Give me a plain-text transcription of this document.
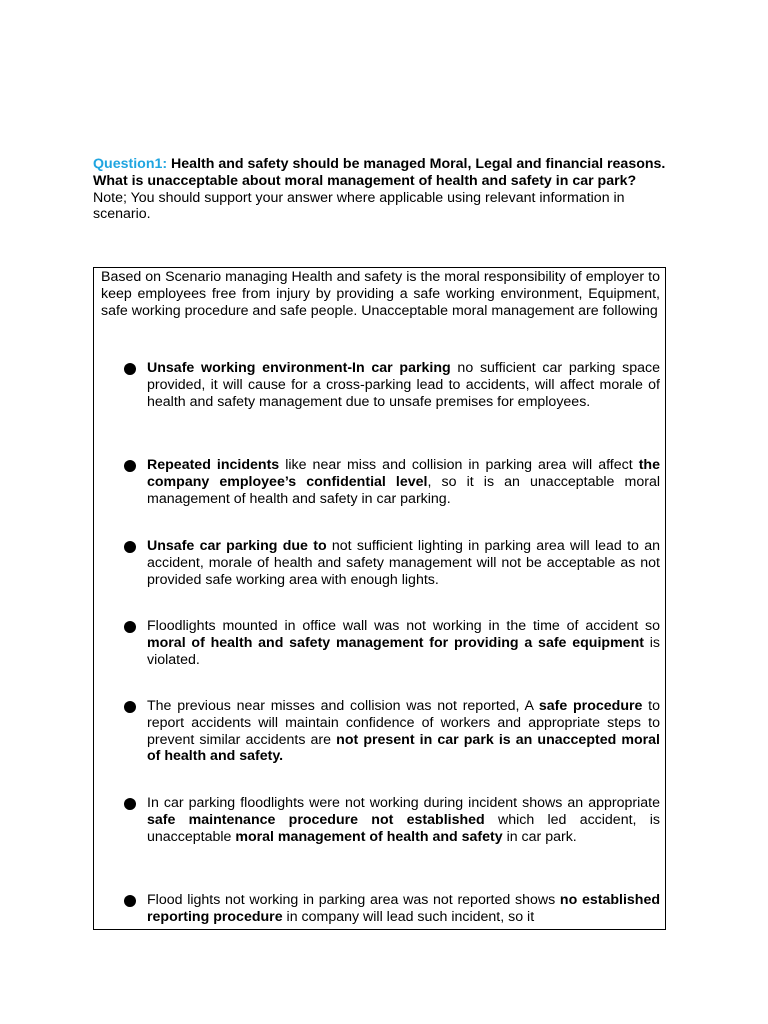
Question1: Health and safety should be managed Moral, Legal and financial reasons. What is unacceptable about moral management of health and safety in car park?
Note; You should support your answer where applicable using relevant information in scenario.

Based on Scenario managing Health and safety is the moral responsibility of employer to keep employees free from injury by providing a safe working environment, Equipment, safe working procedure and safe people. Unacceptable moral management are following

Unsafe working environment-In car parking no sufficient car parking space provided, it will cause for a cross-parking lead to accidents, will affect morale of health and safety management due to unsafe premises for employees.

Repeated incidents like near miss and collision in parking area will affect the company employee’s confidential level, so it is an unacceptable moral management of health and safety in car parking.

Unsafe car parking due to not sufficient lighting in parking area will lead to an accident, morale of health and safety management will not be acceptable as not provided safe working area with enough lights.

Floodlights mounted in office wall was not working in the time of accident so moral of health and safety management for providing a safe equipment is violated.

The previous near misses and collision was not reported, A safe procedure to report accidents will maintain confidence of workers and appropriate steps to prevent similar accidents are not present in car park is an unaccepted moral of health and safety.

In car parking floodlights were not working during incident shows an appropriate safe maintenance procedure not established which led accident, is unacceptable moral management of health and safety in car park.

Flood lights not working in parking area was not reported shows no established reporting procedure in company will lead such incident, so it
